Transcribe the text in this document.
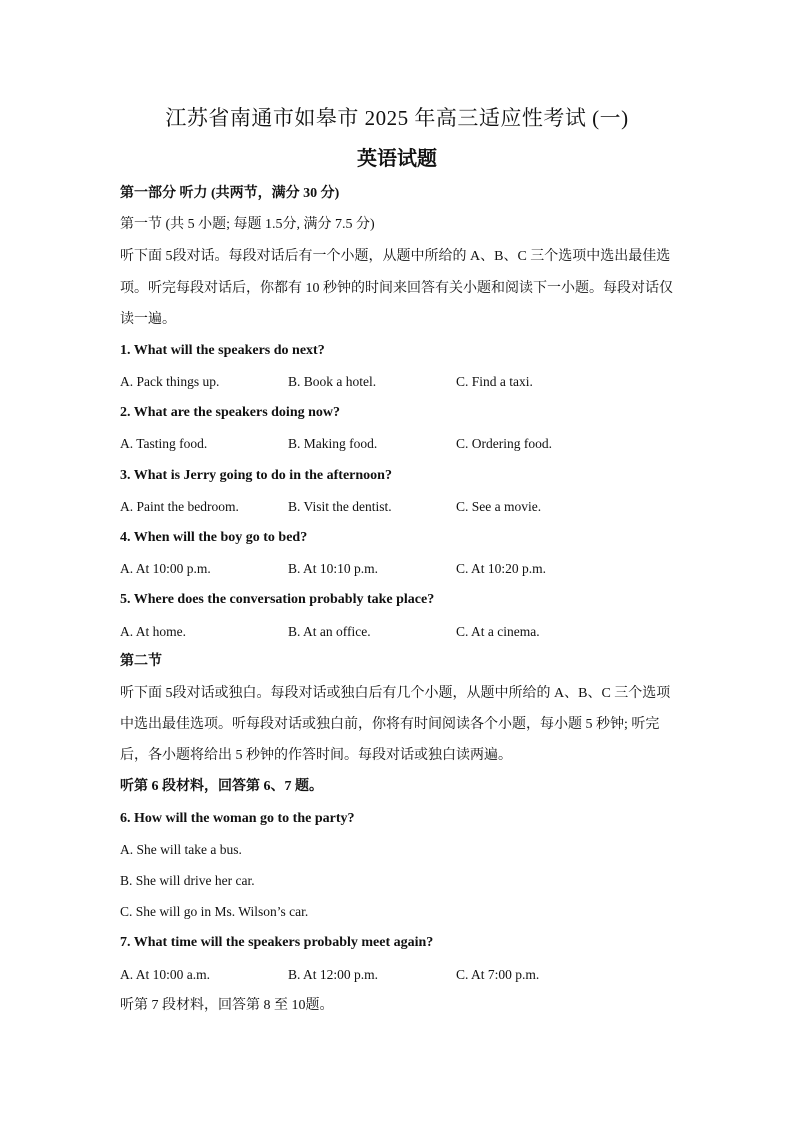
江苏省南通市如皋市 2025 年高三适应性考试 (一)
英语试题
第一部分 听力 (共两节，满分 30 分)
第一节 (共 5 小题; 每题 1.5分, 满分 7.5 分)
听下面 5段对话。每段对话后有一个小题，从题中所给的 A、B、C 三个选项中选出最佳选
项。听完每段对话后，你都有 10 秒钟的时间来回答有关小题和阅读下一小题。每段对话仅
读一遍。
1. What will the speakers do next?
A. Pack things up.	B. Book a hotel.	C. Find a taxi.
2. What are the speakers doing now?
A. Tasting food.	B. Making food.	C. Ordering food.
3. What is Jerry going to do in the afternoon?
A. Paint the bedroom.	B. Visit the dentist.	C. See a movie.
4. When will the boy go to bed?
A. At 10:00 p.m.	B. At 10:10 p.m.	C. At 10:20 p.m.
5. Where does the conversation probably take place?
A. At home.	B. At an office.	C. At a cinema.
第二节
听下面 5段对话或独白。每段对话或独白后有几个小题，从题中所给的 A、B、C 三个选项
中选出最佳选项。听每段对话或独白前，你将有时间阅读各个小题，每小题 5 秒钟; 听完
后，各小题将给出 5 秒钟的作答时间。每段对话或独白读两遍。
听第 6 段材料，回答第 6、7 题。
6. How will the woman go to the party?
A. She will take a bus.
B. She will drive her car.
C. She will go in Ms. Wilson’s car.
7. What time will the speakers probably meet again?
A. At 10:00 a.m.	B. At 12:00 p.m.	C. At 7:00 p.m.
听第 7 段材料，回答第 8 至 10题。
